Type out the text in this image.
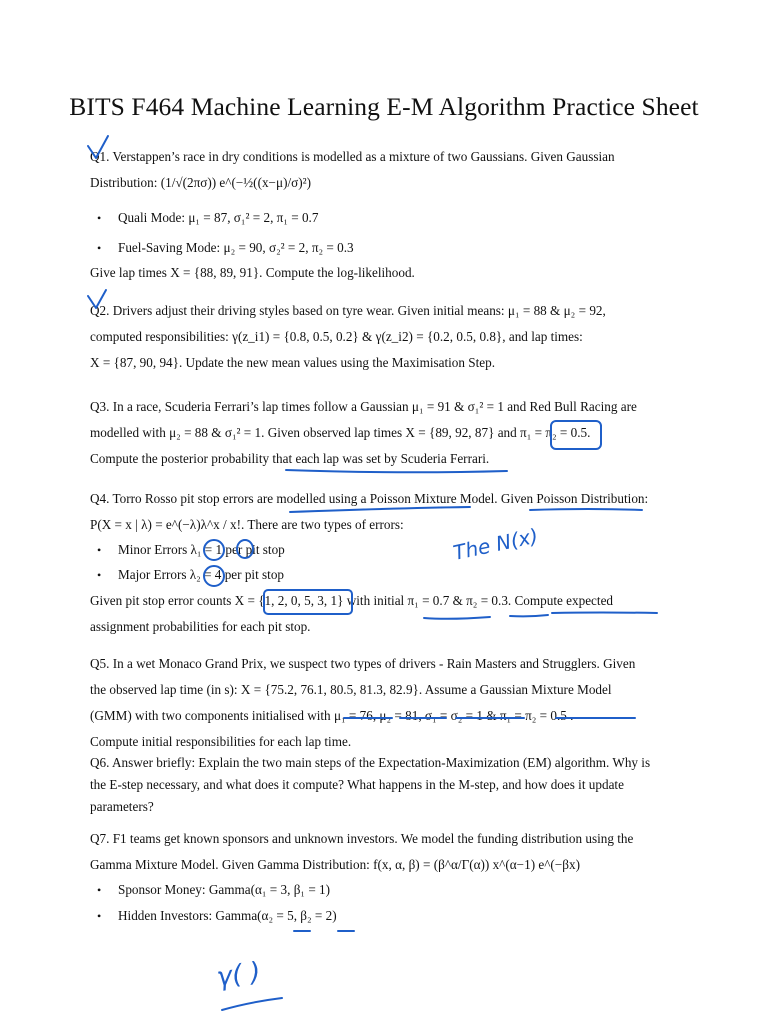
BITS F464 Machine Learning E-M Algorithm Practice Sheet

Q1. Verstappen’s race in dry conditions is modelled as a mixture of two Gaussians. Given Gaussian

Distribution: (1/√(2πσ)) e^(−½((x−μ)/σ)²)

• Quali Mode: μ₁ = 87, σ₁² = 2, π₁ = 0.7
• Fuel-Saving Mode: μ₂ = 90, σ₂² = 2, π₂ = 0.3
Give lap times X = {88, 89, 91}. Compute the log-likelihood.

Q2. Drivers adjust their driving styles based on tyre wear. Given initial means: μ₁ = 88 & μ₂ = 92,

computed responsibilities: γ(z_i1) = {0.8, 0.5, 0.2} & γ(z_i2) = {0.2, 0.5, 0.8}, and lap times:

X = {87, 90, 94}. Update the new mean values using the Maximisation Step.

Q3. In a race, Scuderia Ferrari’s lap times follow a Gaussian μ₁ = 91 & σ₁² = 1 and Red Bull Racing are

modelled with μ₂ = 88 & σ₁² = 1. Given observed lap times X = {89, 92, 87} and π₁ = π₂ = 0.5.

Compute the posterior probability that each lap was set by Scuderia Ferrari.

Q4. Torro Rosso pit stop errors are modelled using a Poisson Mixture Model. Given Poisson Distribution:

P(X = x | λ) = e^(−λ)λ^x / x!. There are two types of errors:

• Minor Errors λ₁ = 1 per pit stop
• Major Errors λ₂ = 4 per pit stop

Given pit stop error counts X = {1, 2, 0, 5, 3, 1} with initial π₁ = 0.7 & π₂ = 0.3. Compute expected

assignment probabilities for each pit stop.

Q5. In a wet Monaco Grand Prix, we suspect two types of drivers - Rain Masters and Strugglers. Given

the observed lap time (in s): X = {75.2, 76.1, 80.5, 81.3, 82.9}. Assume a Gaussian Mixture Model

(GMM) with two components initialised with μ₁ = 76, μ₂ = 81, σ₁ = σ₂ = 1 & π₁ = π₂ = 0.5 .

Compute initial responsibilities for each lap time.

Q6. Answer briefly: Explain the two main steps of the Expectation-Maximization (EM) algorithm. Why is

the E-step necessary, and what does it compute? What happens in the M-step, and how does it update

parameters?

Q7. F1 teams get known sponsors and unknown investors. We model the funding distribution using the

Gamma Mixture Model. Given Gamma Distribution: f(x, α, β) = (β^α/Γ(α)) x^(α−1) e^(−βx)

• Sponsor Money: Gamma(α₁ = 3, β₁ = 1)
• Hidden Investors: Gamma(α₂ = 5, β₂ = 2)
The N(x)
γ( )
